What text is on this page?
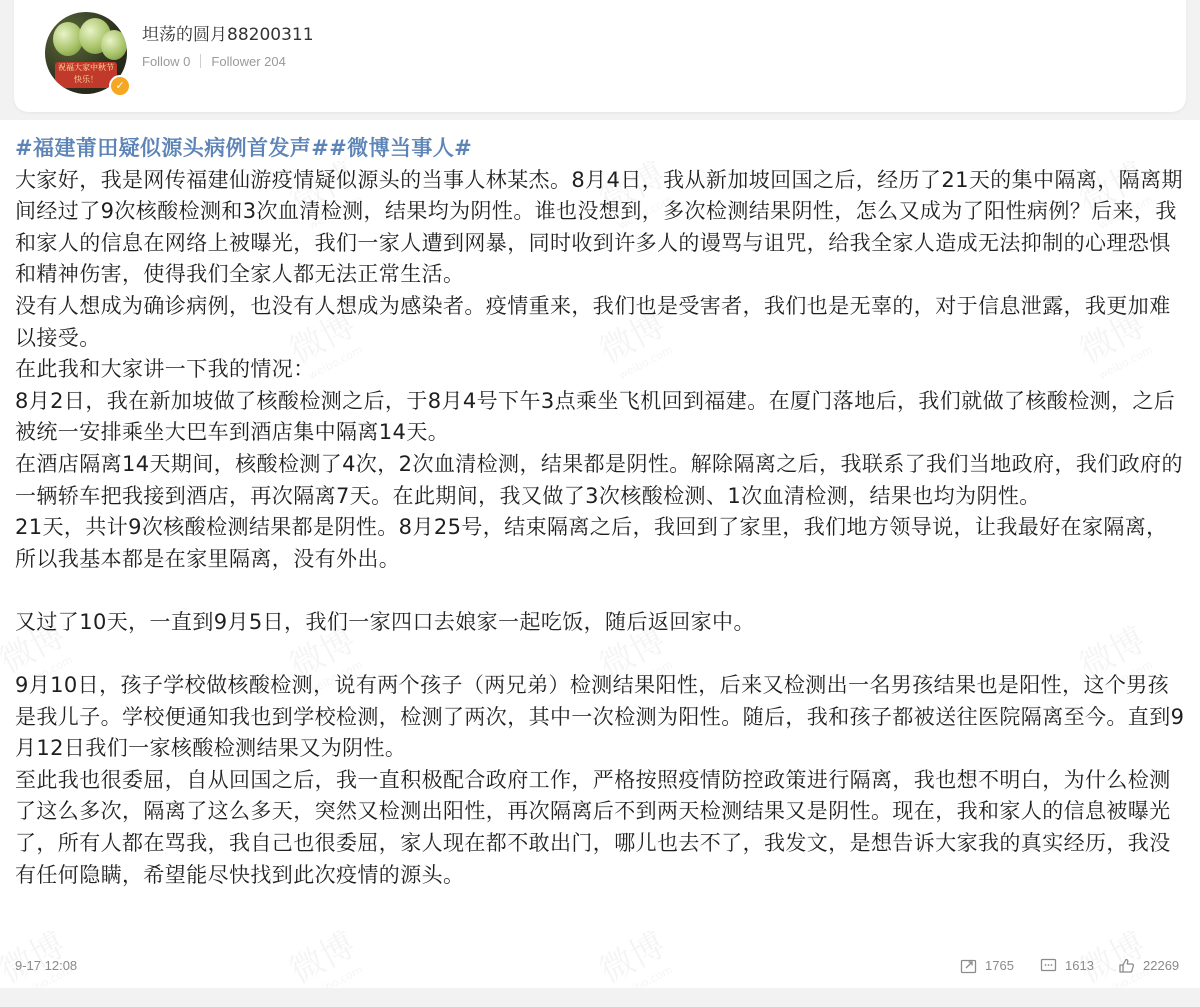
祝福大家中秋节快乐！	✓
坦荡的圆月88200311
Follow 0 Follower 204

#福建莆田疑似源头病例首发声##微博当事人#

大家好，我是网传福建仙游疫情疑似源头的当事人林某杰。8月4日，我从新加坡回国之后，经历了21天的集中隔离，隔离期间经过了9次核酸检测和3次血清检测，结果均为阴性。谁也没想到，多次检测结果阴性，怎么又成为了阳性病例？后来，我和家人的信息在网络上被曝光，我们一家人遭到网暴，同时收到许多人的谩骂与诅咒，给我全家人造成无法抑制的心理恐惧和精神伤害，使得我们全家人都无法正常生活。

没有人想成为确诊病例，也没有人想成为感染者。疫情重来，我们也是受害者，我们也是无辜的，对于信息泄露，我更加难以接受。

在此我和大家讲一下我的情况：

8月2日，我在新加坡做了核酸检测之后，于8月4号下午3点乘坐飞机回到福建。在厦门落地后，我们就做了核酸检测，之后被统一安排乘坐大巴车到酒店集中隔离14天。

在酒店隔离14天期间，核酸检测了4次，2次血清检测，结果都是阴性。解除隔离之后，我联系了我们当地政府，我们政府的一辆轿车把我接到酒店，再次隔离7天。在此期间，我又做了3次核酸检测、1次血清检测，结果也均为阴性。

21天，共计9次核酸检测结果都是阴性。8月25号，结束隔离之后，我回到了家里，我们地方领导说，让我最好在家隔离，所以我基本都是在家里隔离，没有外出。

又过了10天，一直到9月5日，我们一家四口去娘家一起吃饭，随后返回家中。

9月10日，孩子学校做核酸检测，说有两个孩子（两兄弟）检测结果阳性，后来又检测出一名男孩结果也是阳性，这个男孩是我儿子。学校便通知我也到学校检测，检测了两次，其中一次检测为阳性。随后，我和孩子都被送往医院隔离至今。直到9月12日我们一家核酸检测结果又为阴性。

至此我也很委屈，自从回国之后，我一直积极配合政府工作，严格按照疫情防控政策进行隔离，我也想不明白，为什么检测了这么多次，隔离了这么多天，突然又检测出阳性，再次隔离后不到两天检测结果又是阴性。现在，我和家人的信息被曝光了，所有人都在骂我，我自己也很委屈，家人现在都不敢出门，哪儿也去不了，我发文，是想告诉大家我的真实经历，我没有任何隐瞒，希望能尽快找到此次疫情的源头。

9-17 12:08	1765	1613	22269
